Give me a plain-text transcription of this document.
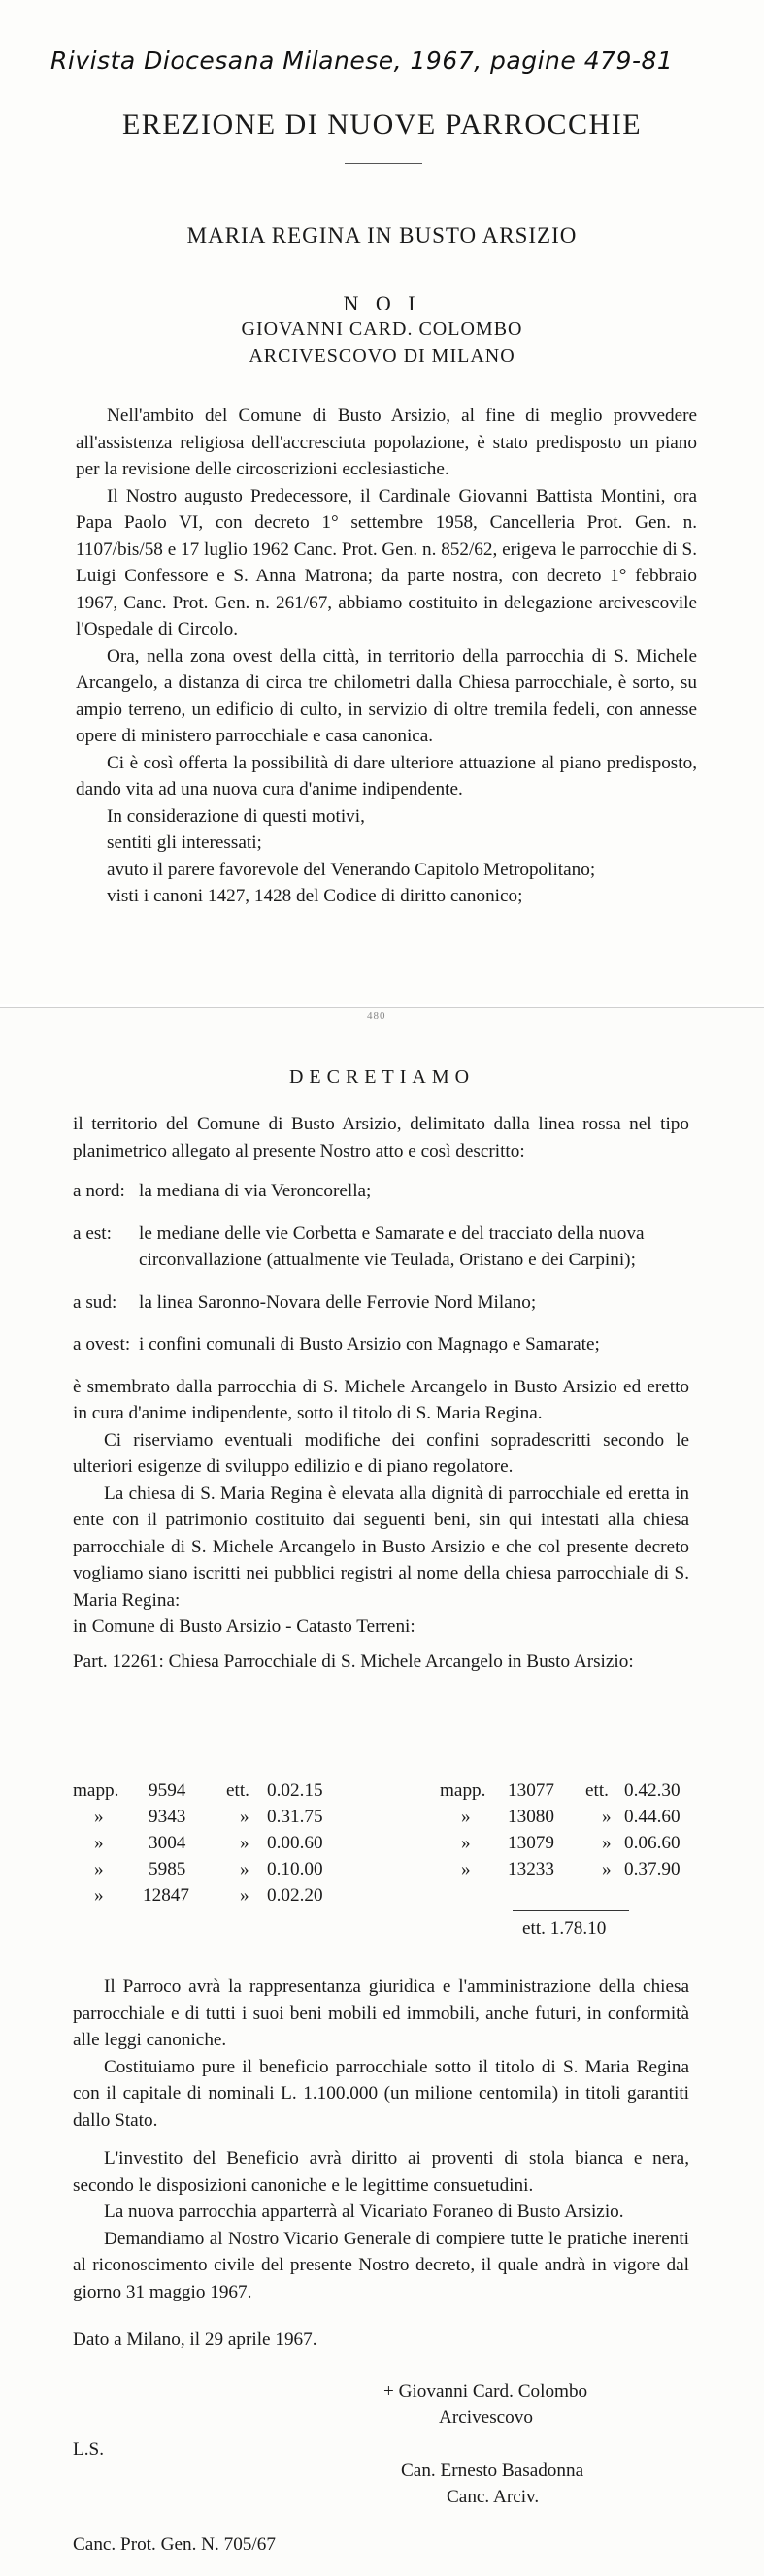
Rivista Diocesana Milanese, 1967, pagine 479-81
EREZIONE DI NUOVE PARROCCHIE
MARIA REGINA IN BUSTO ARSIZIO
N O I
GIOVANNI CARD. COLOMBO
ARCIVESCOVO DI MILANO

Nell'ambito del Comune di Busto Arsizio, al fine di meglio provvedere all'assistenza religiosa dell'accresciuta popolazione, è stato predisposto un piano per la revisione delle circoscrizioni ecclesiastiche.

Il Nostro augusto Predecessore, il Cardinale Giovanni Battista Montini, ora Papa Paolo VI, con decreto 1° settembre 1958, Cancelleria Prot. Gen. n. 1107/bis/58 e 17 luglio 1962 Canc. Prot. Gen. n. 852/62, erigeva le parrocchie di S. Luigi Confessore e S. Anna Matrona; da parte nostra, con decreto 1° febbraio 1967, Canc. Prot. Gen. n. 261/67, abbiamo costituito in delegazione arcivescovile l'Ospedale di Circolo.

Ora, nella zona ovest della città, in territorio della parrocchia di S. Michele Arcangelo, a distanza di circa tre chilometri dalla Chiesa parrocchiale, è sorto, su ampio terreno, un edificio di culto, in servizio di oltre tremila fedeli, con annesse opere di ministero parrocchiale e casa canonica.

Ci è così offerta la possibilità di dare ulteriore attuazione al piano predisposto, dando vita ad una nuova cura d'anime indipendente.

In considerazione di questi motivi,

sentiti gli interessati;

avuto il parere favorevole del Venerando Capitolo Metropolitano;

visti i canoni 1427, 1428 del Codice di diritto canonico;

480
DECRETIAMO

il territorio del Comune di Busto Arsizio, delimitato dalla linea rossa nel tipo planimetrico allegato al presente Nostro atto e così descritto:

a nord: la mediana di via Veroncorella;
a est:	le mediane delle vie Corbetta e Samarate e del tracciato della nuova circonvallazione (attualmente vie Teulada, Oristano e dei Carpini);
a sud:	la linea Saronno-Novara delle Ferrovie Nord Milano;
a ovest: i confini comunali di Busto Arsizio con Magnago e Samarate;

è smembrato dalla parrocchia di S. Michele Arcangelo in Busto Arsizio ed eretto in cura d'anime indipendente, sotto il titolo di S. Maria Regina.

Ci riserviamo eventuali modifiche dei confini sopradescritti secondo le ulteriori esigenze di sviluppo edilizio e di piano regolatore.

La chiesa di S. Maria Regina è elevata alla dignità di parrocchiale ed eretta in ente con il patrimonio costituito dai seguenti beni, sin qui intestati alla chiesa parrocchiale di S. Michele Arcangelo in Busto Arsizio e che col presente decreto vogliamo siano iscritti nei pubblici registri al nome della chiesa parrocchiale di S. Maria Regina:

in Comune di Busto Arsizio - Catasto Terreni:

Part. 12261: Chiesa Parrocchiale di S. Michele Arcangelo in Busto Arsizio:

mapp. 9594 ett. 0.02.15	mapp. 13077 ett. 0.42.30
» 9343	» 0.31.75	» 13080	» 0.44.60
» 3004	» 0.00.60	» 13079	» 0.06.60
» 5985	» 0.10.00	» 13233	» 0.37.90
» 12847	» 0.02.20
ett. 1.78.10

Il Parroco avrà la rappresentanza giuridica e l'amministrazione della chiesa parrocchiale e di tutti i suoi beni mobili ed immobili, anche futuri, in conformità alle leggi canoniche.

Costituiamo pure il beneficio parrocchiale sotto il titolo di S. Maria Regina con il capitale di nominali L. 1.100.000 (un milione centomila) in titoli garantiti dallo Stato.

L'investito del Beneficio avrà diritto ai proventi di stola bianca e nera, secondo le disposizioni canoniche e le legittime consuetudini.

La nuova parrocchia apparterrà al Vicariato Foraneo di Busto Arsizio.

Demandiamo al Nostro Vicario Generale di compiere tutte le pratiche inerenti al riconoscimento civile del presente Nostro decreto, il quale andrà in vigore dal giorno 31 maggio 1967.

Dato a Milano, il 29 aprile 1967.

+ Giovanni Card. Colombo
Arcivescovo
L.S.
Can. Ernesto Basadonna
Canc. Arciv.
Canc. Prot. Gen. N. 705/67
